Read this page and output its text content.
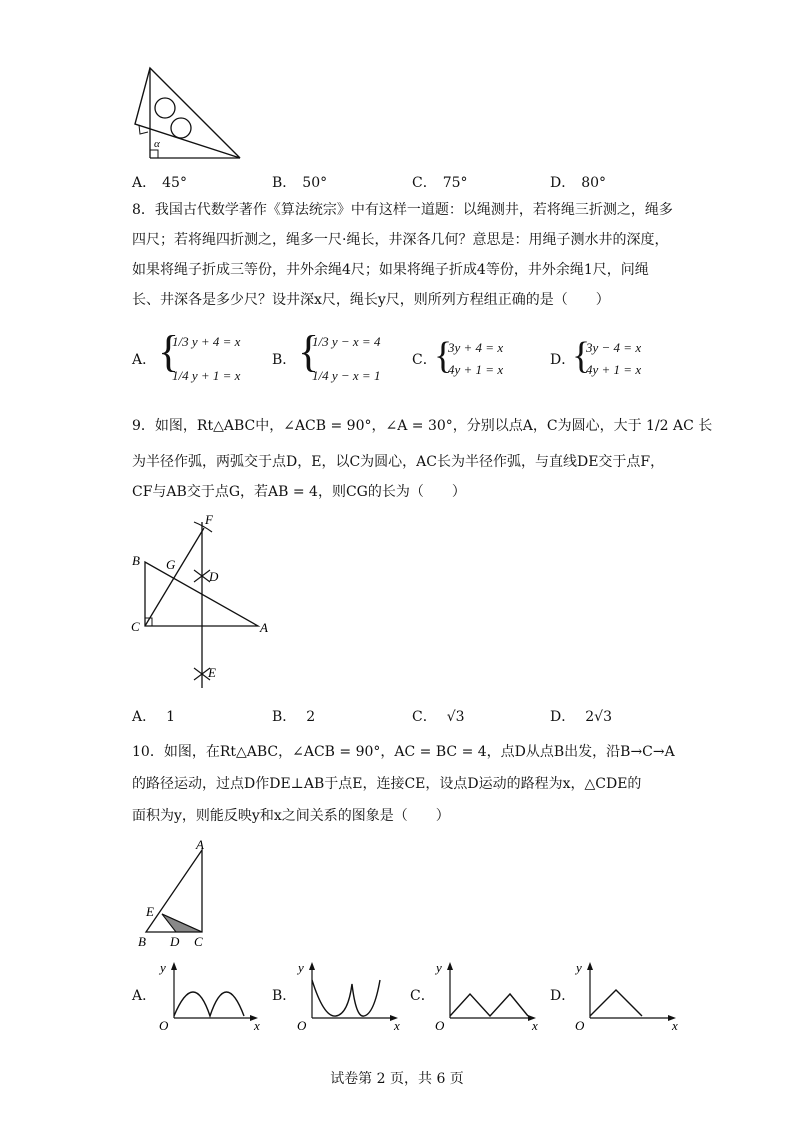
α
A． 45°	B． 50°	C． 75°	D． 80°
8．我国古代数学著作《算法统宗》中有这样一道题：以绳测井，若将绳三折测之，绳多
四尺；若将绳四折测之，绳多一尺·绳长，井深各几何？意思是：用绳子测水井的深度，
如果将绳子折成三等份，井外余绳4尺；如果将绳子折成4等份，井外余绳1尺，问绳
长、井深各是多少尺？设井深x尺，绳长y尺，则所列方程组正确的是（　　）
A． {
1/3 y + 4 = x
1/4 y + 1 = x
B． {
1/3 y − x = 4
1/4 y − x = 1
C．
{
3y + 4 = x
4y + 1 = x
D．
{
3y − 4 = x
4y + 1 = x
9．如图，Rt△ABC中，∠ACB = 90°，∠A = 30°，分别以点A，C为圆心，大于 1/2 AC 长
为半径作弧，两弧交于点D，E，以C为圆心，AC长为半径作弧，与直线DE交于点F，
CF与AB交于点G，若AB = 4，则CG的长为（　　）
F
B G
D
C	A
E
A． 1	B． 2	C． √3	D． 2√3
10．如图，在Rt△ABC，∠ACB = 90°，AC = BC = 4，点D从点B出发，沿B→C→A
的路径运动，过点D作DE⊥AB于点E，连接CE，设点D运动的路程为x，△CDE的
面积为y，则能反映y和x之间关系的图象是（　　）
A
E
B D C
A．
y
O	x
B．
y
O	x
C．
y
O	x
D．
y
O	x
试卷第 2 页，共 6 页
